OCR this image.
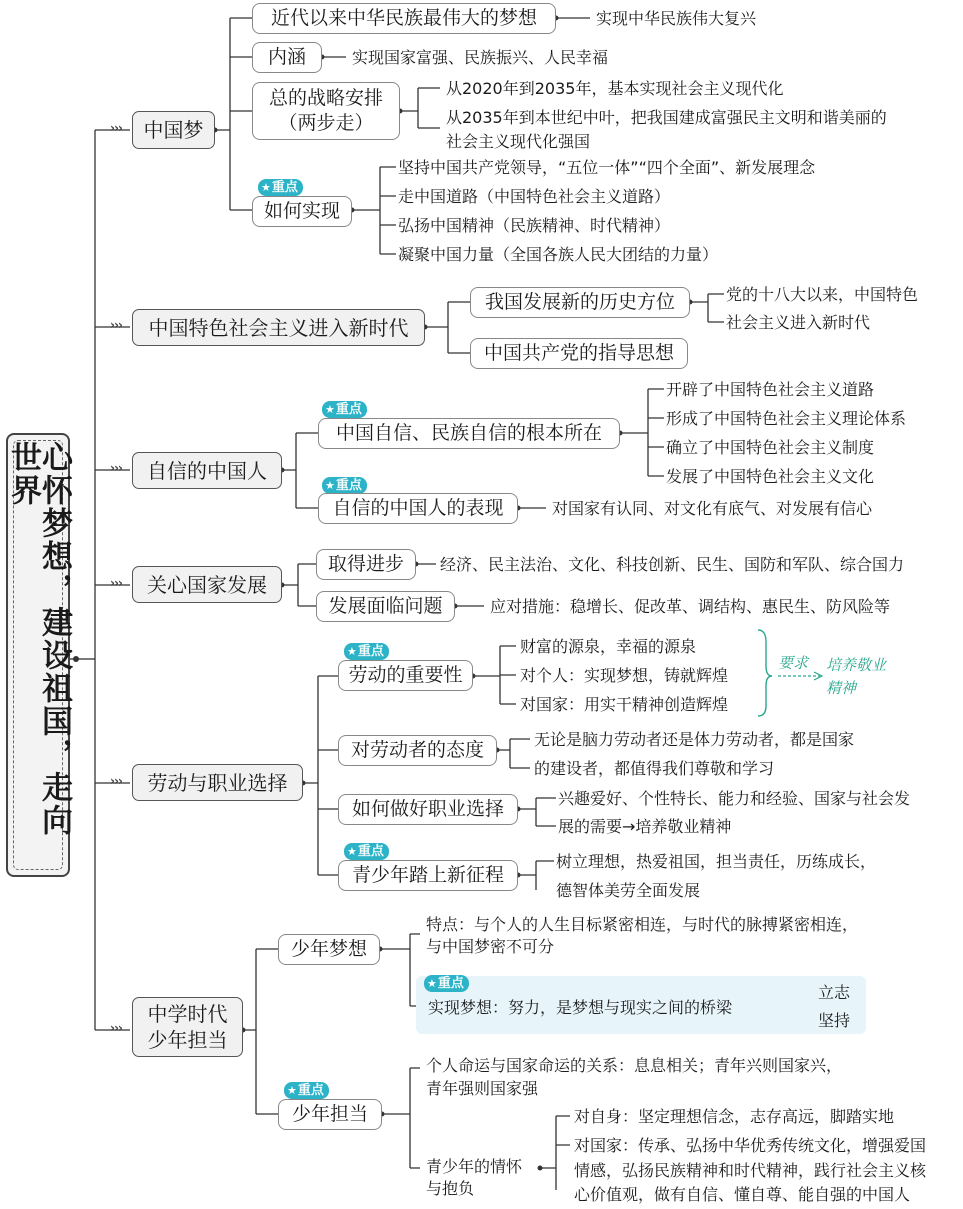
心怀梦想，建设祖国，走向世界
›››
›››
›››
›››
›››
›››
中国梦
近代以来中华民族最伟大的梦想	实现中华民族伟大复兴
内涵	实现国家富强、民族振兴、人民幸福
总的战略安排
（两步走）
从2020年到2035年，基本实现社会主义现代化
从2035年到本世纪中叶，把我国建成富强民主文明和谐美丽的
社会主义现代化强国
★重点
如何实现
坚持中国共产党领导，“五位一体”“四个全面”、新发展理念
走中国道路（中国特色社会主义道路）
弘扬中国精神（民族精神、时代精神）
凝聚中国力量（全国各族人民大团结的力量）
中国特色社会主义进入新时代
我国发展新的历史方位	党的十八大以来，中国特色
社会主义进入新时代
中国共产党的指导思想
自信的中国人
★重点
中国自信、民族自信的根本所在
开辟了中国特色社会主义道路
形成了中国特色社会主义理论体系
确立了中国特色社会主义制度
发展了中国特色社会主义文化
★重点
自信的中国人的表现	对国家有认同、对文化有底气、对发展有信心
关心国家发展
取得进步 经济、民主法治、文化、科技创新、民生、国防和军队、综合国力
发展面临问题	应对措施：稳增长、促改革、调结构、惠民生、防风险等
劳动与职业选择
★重点
劳动的重要性
财富的源泉，幸福的源泉
对个人：实现梦想，铸就辉煌
对国家：用实干精神创造辉煌
要求 培养敬业
精神
对劳动者的态度	无论是脑力劳动者还是体力劳动者，都是国家
的建设者，都值得我们尊敬和学习
如何做好职业选择	兴趣爱好、个性特长、能力和经验、国家与社会发
展的需要→培养敬业精神
★重点
青少年踏上新征程
树立理想，热爱祖国，担当责任，历练成长，
德智体美劳全面发展
中学时代
少年担当
少年梦想
特点：与个人的人生目标紧密相连，与时代的脉搏紧密相连，
与中国梦密不可分
★重点
实现梦想：努力，是梦想与现实之间的桥梁
立志
坚持
★重点
少年担当
个人命运与国家命运的关系：息息相关；青年兴则国家兴，
青年强则国家强
青少年的情怀
与抱负
对自身：坚定理想信念，志存高远，脚踏实地
对国家：传承、弘扬中华优秀传统文化，增强爱国
情感，弘扬民族精神和时代精神，践行社会主义核
心价值观，做有自信、懂自尊、能自强的中国人
